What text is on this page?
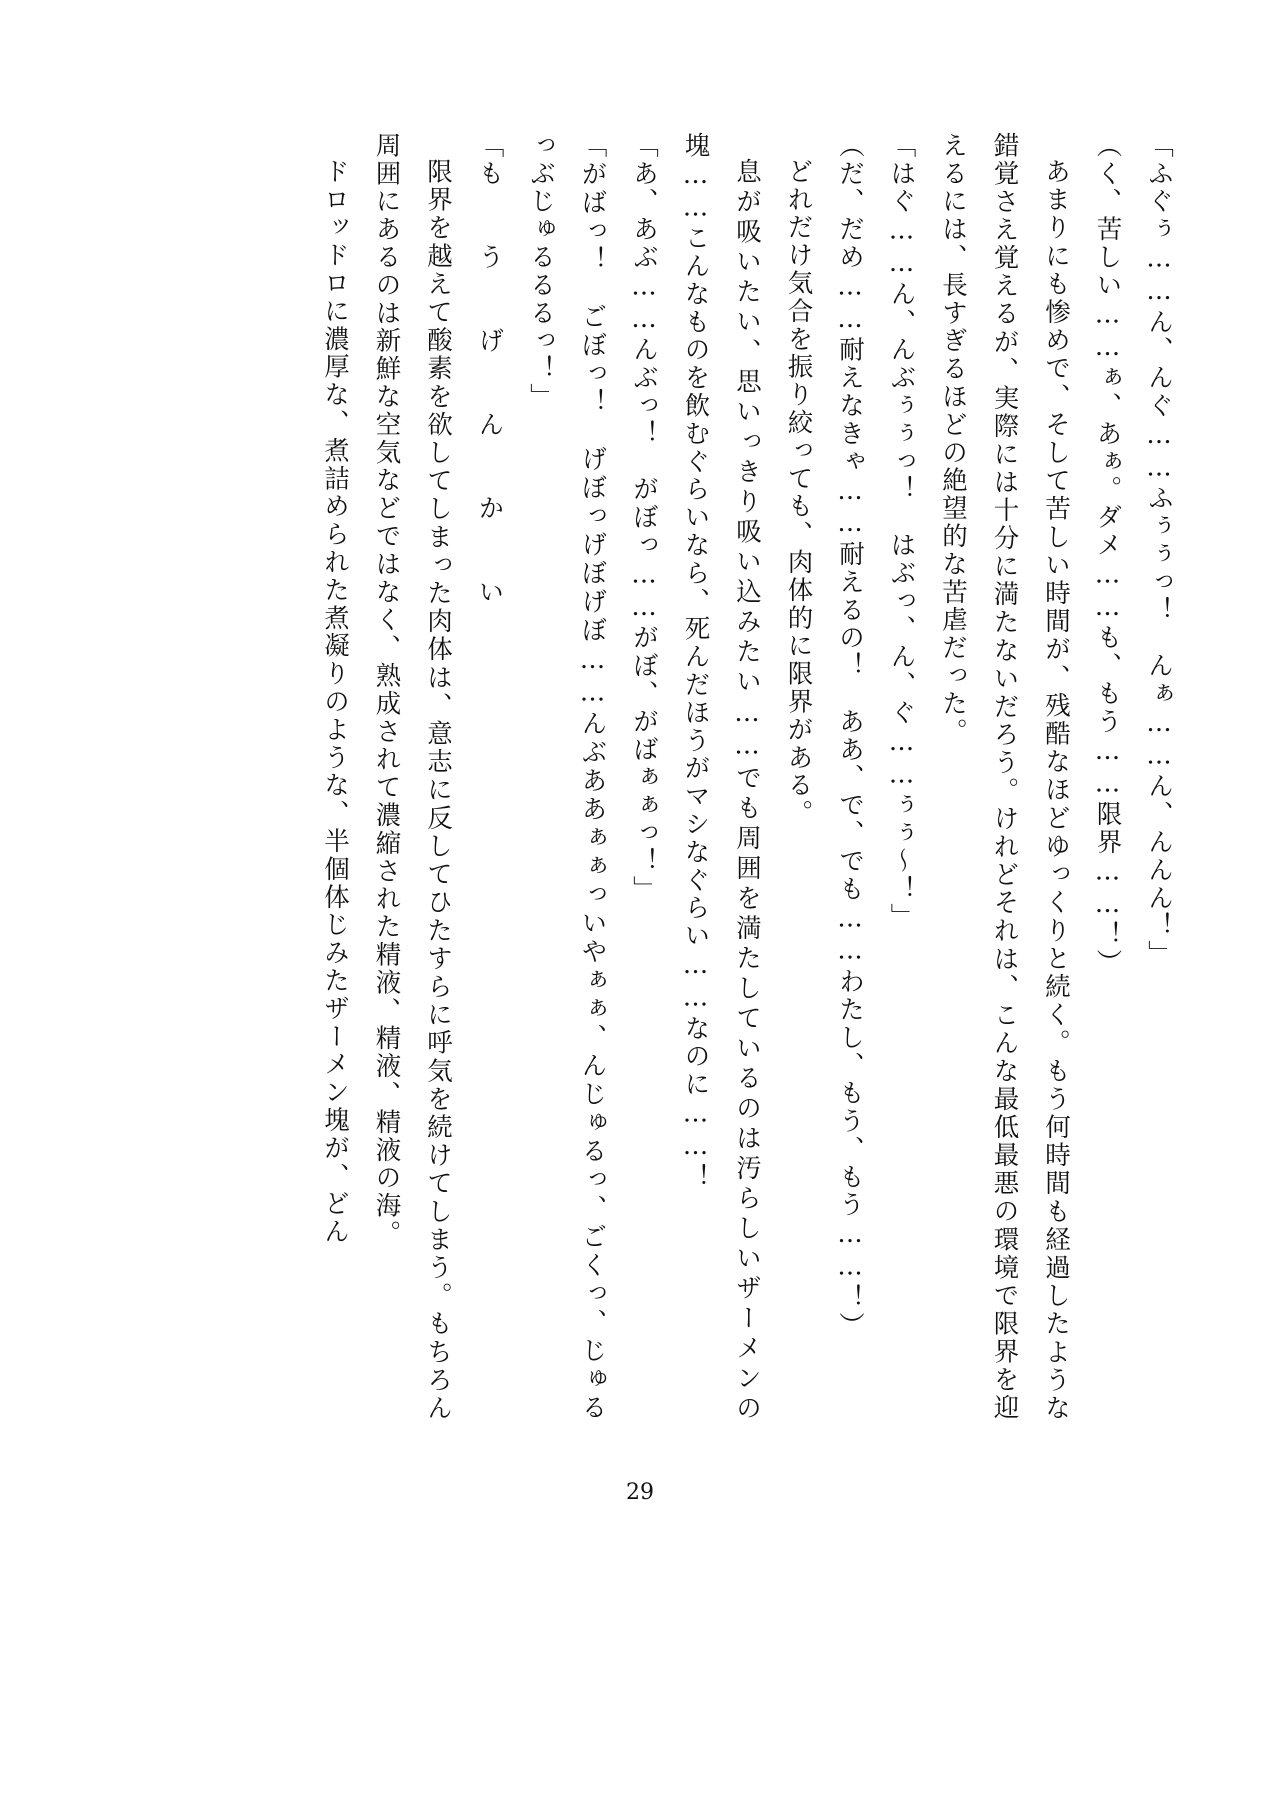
「ふぐぅ……ん、んぐ……ふぅぅっ！　んぁ……ん、んんん！」

（く、苦しい……ぁ、あぁ。ダメ……も、もう……限界……！）

あまりにも惨めで、そして苦しい時間が、残酷なほどゆっくりと続く。もう何時間も経過したような錯覚さえ覚えるが、実際には十分に満たないだろう。けれどそれは、こんな最低最悪の環境で限界を迎えるには、長すぎるほどの絶望的な苦虐だった。

「はぐ……ん、んぶぅぅっ！　はぶっ、ん、ぐ……ぅぅ〜！」

（だ、だめ……耐えなきゃ……耐えるの！　ああ、で、でも……わたし、もう、もう……！）

どれだけ気合を振り絞っても、肉体的に限界がある。

息が吸いたい、思いっきり吸い込みたい……でも周囲を満たしているのは汚らしいザーメンの塊……こんなものを飲むぐらいなら、死んだほうがマシなぐらい……なのに……！

「あ、あぶ……んぶっ！　がぼっ……がぼ、がばぁぁっ！」

「がばっ！　ごぼっ！　げぼっげぼげぼ……んぶああぁぁっいやぁぁ、んじゅるっ、ごくっ、じゅるっぶじゅるるるっ！」

「も　　う　　げ　　ん　　か　　い

限界を越えて酸素を欲してしまった肉体は、意志に反してひたすらに呼気を続けてしまう。もちろん周囲にあるのは新鮮な空気などではなく、熟成されて濃縮された精液、精液、精液の海。

ドロッドロに濃厚な、煮詰められた煮凝りのような、半個体じみたザーメン塊が、どん

29
